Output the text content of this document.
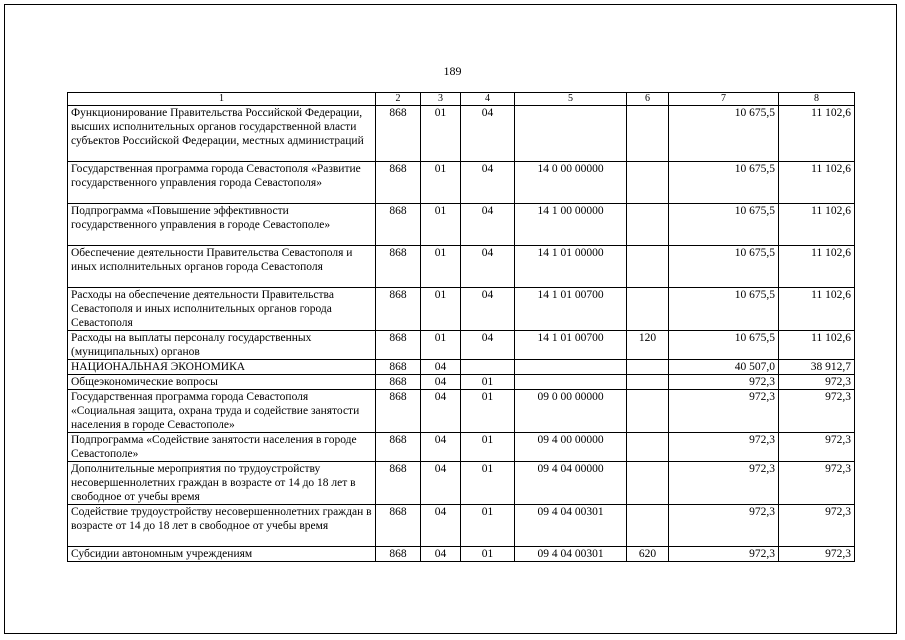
189
1	2	3	4	5	6	7	8
Функционирование Правительства Российской Федерации, высших исполнительных органов государственной власти субъектов Российской Федерации, местных администраций	868	01	04			10 675,5	11 102,6
Государственная программа города Севастополя «Развитие государственного управления города Севастополя»	868	01	04	14 0 00 00000		10 675,5	11 102,6
Подпрограмма «Повышение эффективности государственного управления в городе Севастополе»	868	01	04	14 1 00 00000		10 675,5	11 102,6
Обеспечение деятельности Правительства Севастополя и иных исполнительных органов города Севастополя	868	01	04	14 1 01 00000		10 675,5	11 102,6
Расходы на обеспечение деятельности Правительства Севастополя и иных исполнительных органов города Севастополя	868	01	04	14 1 01 00700		10 675,5	11 102,6
Расходы на выплаты персоналу государственных (муниципальных) органов	868	01	04	14 1 01 00700	120	10 675,5	11 102,6
НАЦИОНАЛЬНАЯ ЭКОНОМИКА	868	04				40 507,0	38 912,7
Общеэкономические вопросы	868	04	01			972,3	972,3
Государственная программа города Севастополя «Социальная защита, охрана труда и содействие занятости населения в городе Севастополе»	868	04	01	09 0 00 00000		972,3	972,3
Подпрограмма «Содействие занятости населения в городе Севастополе»	868	04	01	09 4 00 00000		972,3	972,3
Дополнительные мероприятия по трудоустройству несовершеннолетних граждан в возрасте от 14 до 18 лет в свободное от учебы время	868	04	01	09 4 04 00000		972,3	972,3
Содействие трудоустройству несовершеннолетних граждан в возрасте от 14 до 18 лет в свободное от учебы время	868	04	01	09 4 04 00301		972,3	972,3
Субсидии автономным учреждениям	868	04	01	09 4 04 00301	620	972,3	972,3
